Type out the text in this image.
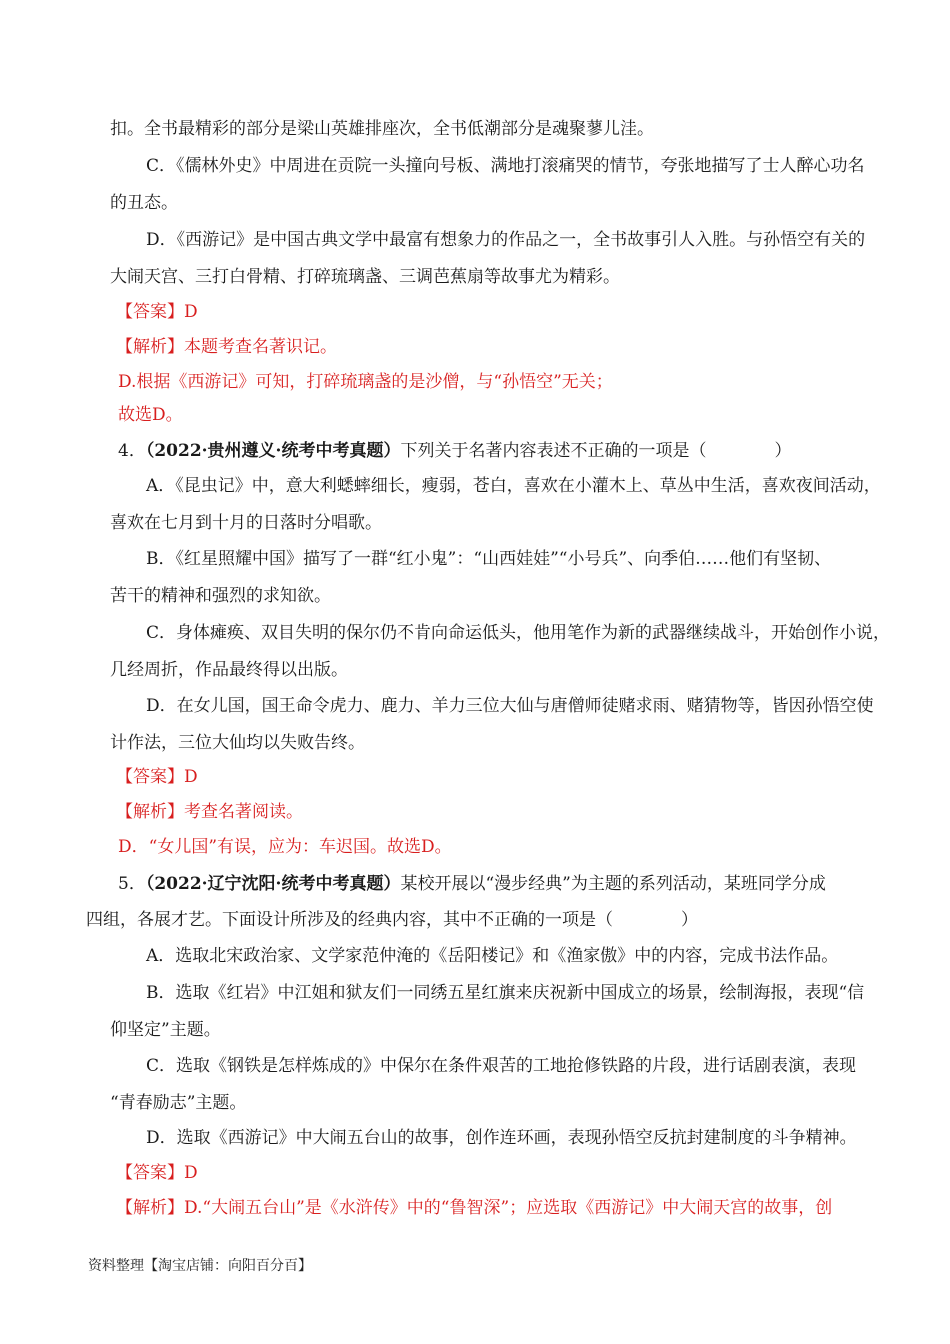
扣。全书最精彩的部分是梁山英雄排座次，全书低潮部分是魂聚蓼儿洼。
C．《儒林外史》中周进在贡院一头撞向号板、满地打滚痛哭的情节，夸张地描写了士人醉心功名
的丑态。
D．《西游记》是中国古典文学中最富有想象力的作品之一，全书故事引人入胜。与孙悟空有关的
大闹天宫、三打白骨精、打碎琉璃盏、三调芭蕉扇等故事尤为精彩。
【答案】D
【解析】本题考查名著识记。
D.根据《西游记》可知，打碎琉璃盏的是沙僧，与“孙悟空”无关；
故选D。
4．（2022·贵州遵义·统考中考真题）下列关于名著内容表述不正确的一项是（　　　　）
A．《昆虫记》中，意大利蟋蟀细长，瘦弱，苍白，喜欢在小灌木上、草丛中生活，喜欢夜间活动，
喜欢在七月到十月的日落时分唱歌。
B．《红星照耀中国》描写了一群“红小鬼”：“山西娃娃”“小号兵”、向季伯……他们有坚韧、
苦干的精神和强烈的求知欲。
C．身体瘫痪、双目失明的保尔仍不肯向命运低头，他用笔作为新的武器继续战斗，开始创作小说，
几经周折，作品最终得以出版。
D．在女儿国，国王命令虎力、鹿力、羊力三位大仙与唐僧师徒赌求雨、赌猜物等，皆因孙悟空使
计作法，三位大仙均以失败告终。
【答案】D
【解析】考查名著阅读。
D．“女儿国”有误，应为：车迟国。故选D。
5．（2022·辽宁沈阳·统考中考真题）某校开展以“漫步经典”为主题的系列活动，某班同学分成
四组，各展才艺。下面设计所涉及的经典内容，其中不正确的一项是（　　　　）
A．选取北宋政治家、文学家范仲淹的《岳阳楼记》和《渔家傲》中的内容，完成书法作品。
B．选取《红岩》中江姐和狱友们一同绣五星红旗来庆祝新中国成立的场景，绘制海报，表现“信
仰坚定”主题。
C．选取《钢铁是怎样炼成的》中保尔在条件艰苦的工地抢修铁路的片段，进行话剧表演，表现
“青春励志”主题。
D．选取《西游记》中大闹五台山的故事，创作连环画，表现孙悟空反抗封建制度的斗争精神。
【答案】D
【解析】D.“大闹五台山”是《水浒传》中的“鲁智深”；应选取《西游记》中大闹天宫的故事，创
资料整理【淘宝店铺：向阳百分百】
